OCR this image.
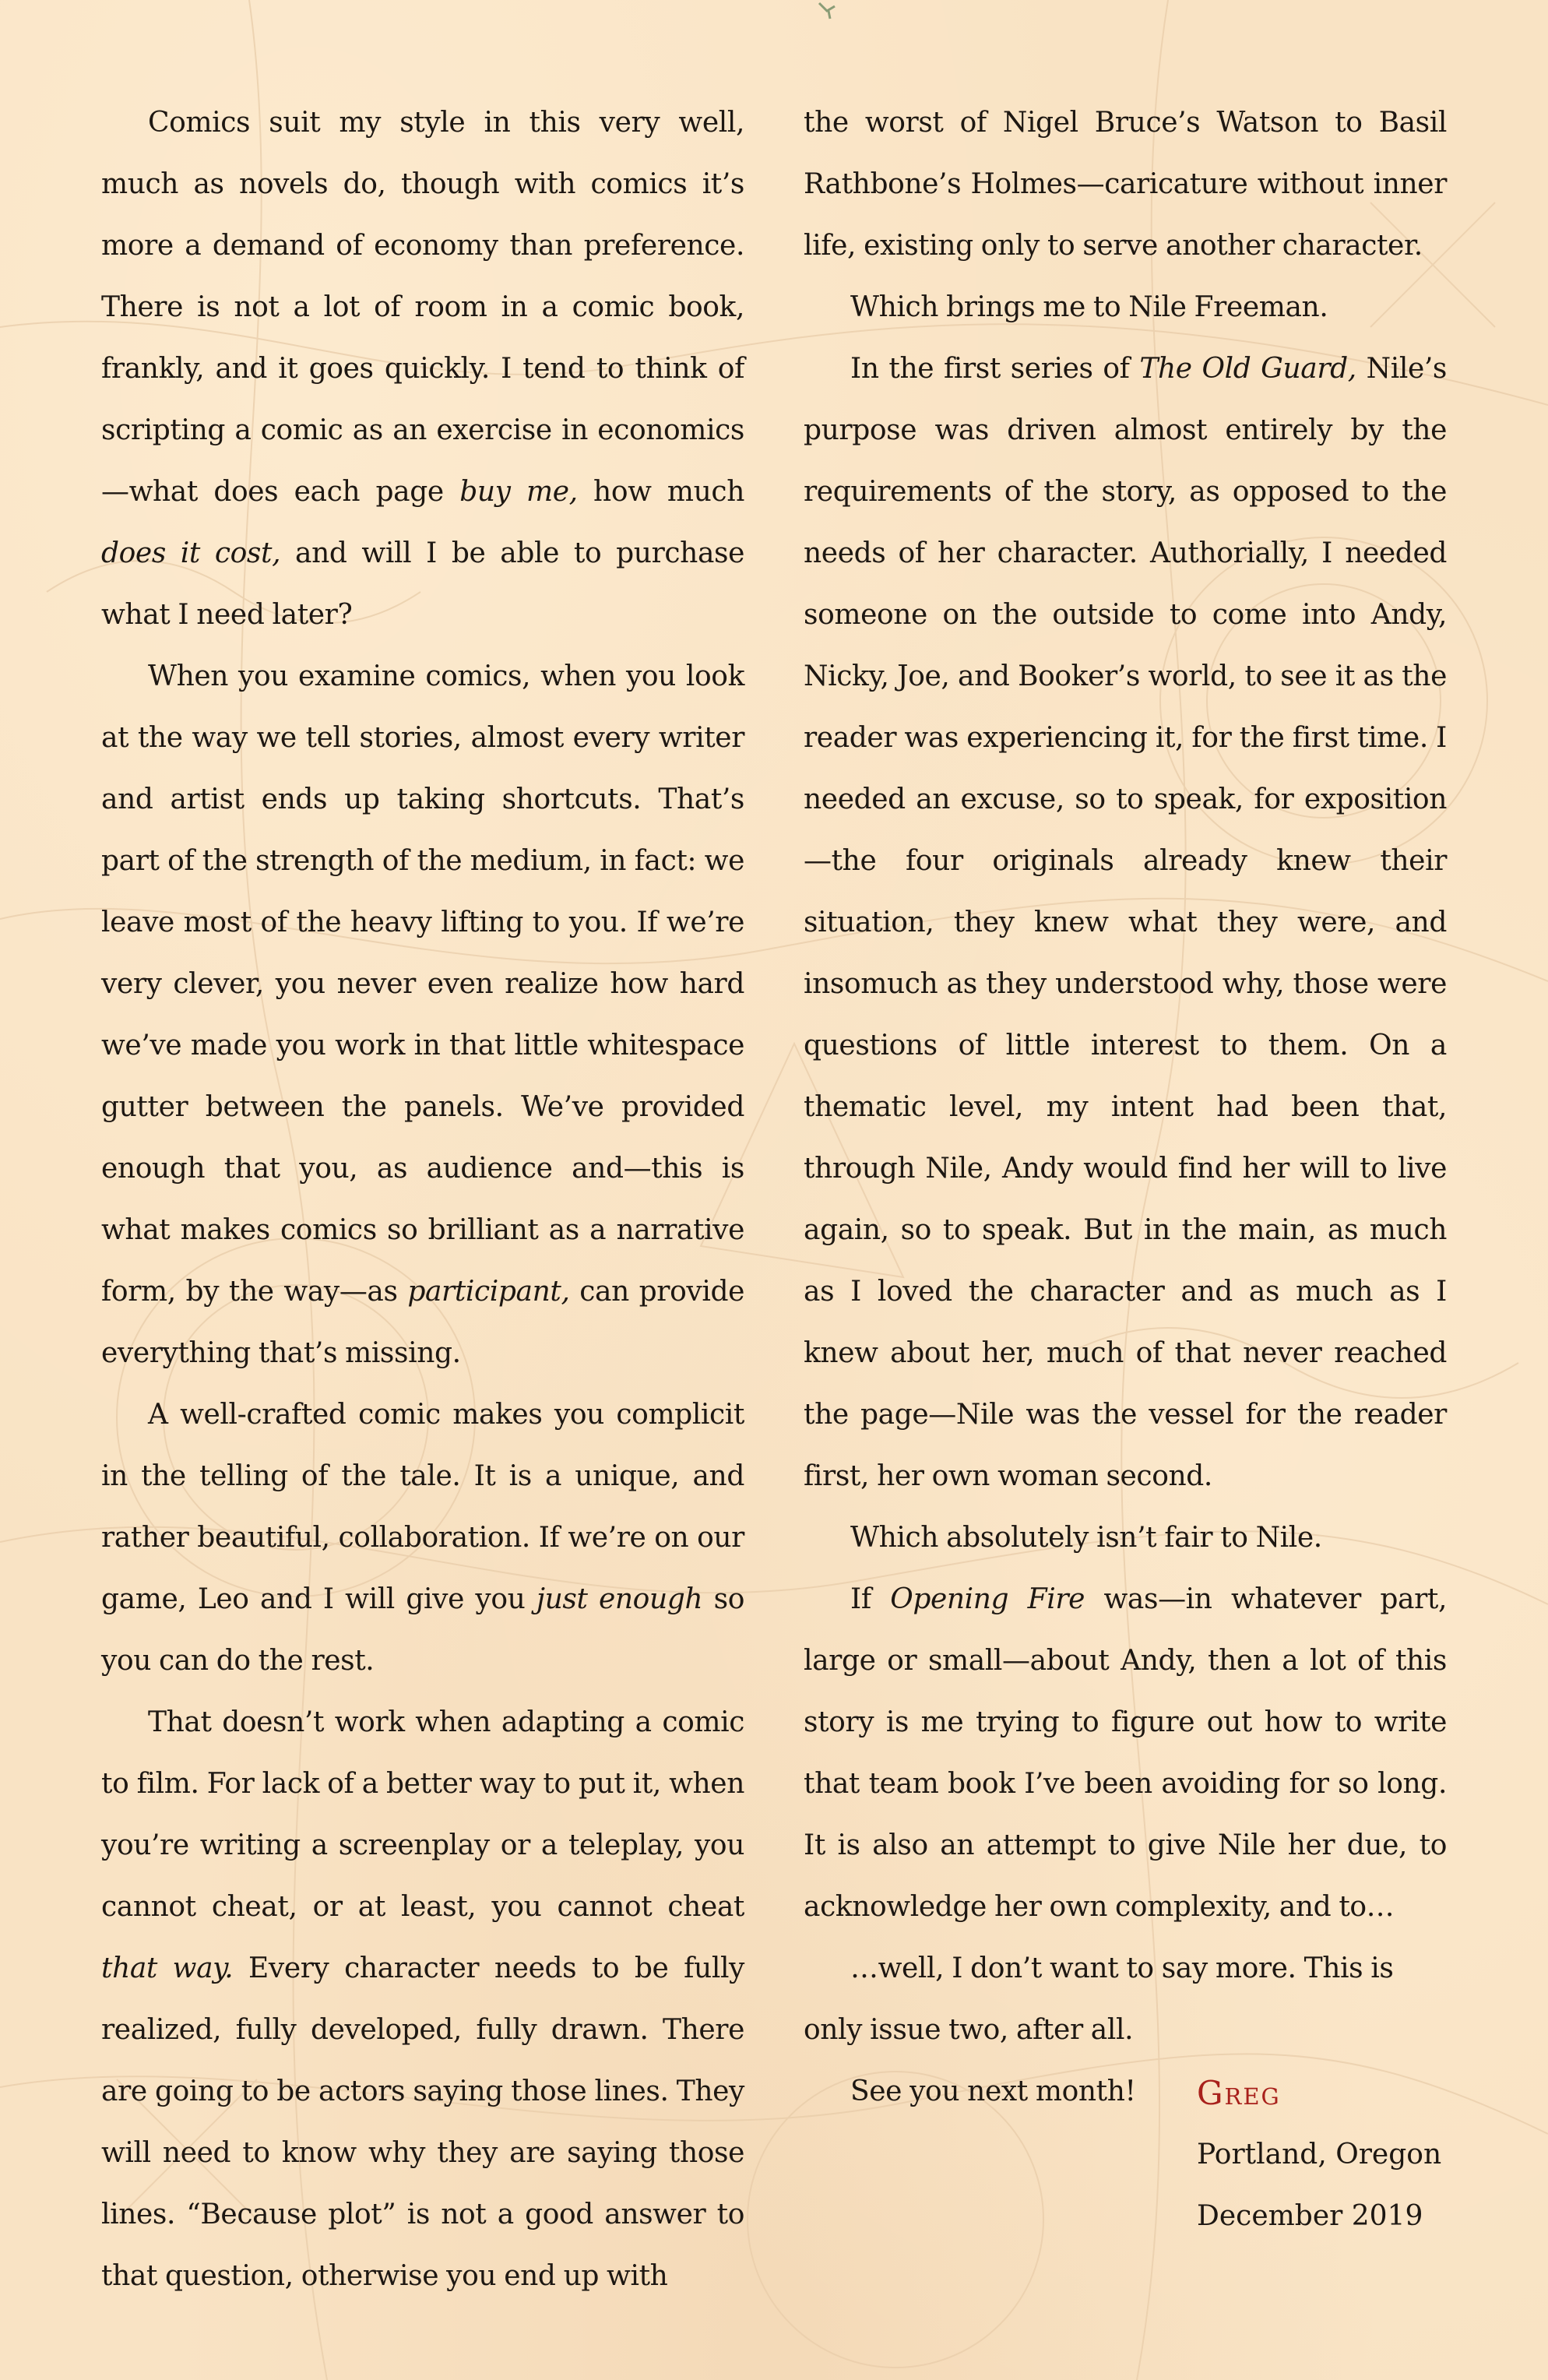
Comics suit my style in this very well, much as novels do, though with comics it’s more a demand of economy than preference. There is not a lot of room in a comic book, frankly, and it goes quickly. I tend to think of scripting a comic as an exercise in economics—what does each page buy me, how much does it cost, and will I be able to purchase what I need later?

When you examine comics, when you look at the way we tell stories, almost every writer and artist ends up taking shortcuts. That’s part of the strength of the medium, in fact: we leave most of the heavy lifting to you. If we’re very clever, you never even realize how hard we’ve made you work in that little whitespace gutter between the panels. We’ve provided enough that you, as audience and—this is what makes comics so brilliant as a narrative form, by the way—as participant, can provide everything that’s missing.

A well-crafted comic makes you complicit in the telling of the tale. It is a unique, and rather beautiful, collaboration. If we’re on our game, Leo and I will give you just enough so you can do the rest.

That doesn’t work when adapting a comic to film. For lack of a better way to put it, when you’re writing a screenplay or a teleplay, you cannot cheat, or at least, you cannot cheat that way. Every character needs to be fully realized, fully developed, fully drawn. There are going to be actors saying those lines. They will need to know why they are saying those lines. “Because plot” is not a good answer to that question, otherwise you end up with

the worst of Nigel Bruce’s Watson to Basil Rathbone’s Holmes—caricature without inner life, existing only to serve another character.

Which brings me to Nile Freeman.

In the first series of The Old Guard, Nile’s purpose was driven almost entirely by the requirements of the story, as opposed to the needs of her character. Authorially, I needed someone on the outside to come into Andy, Nicky, Joe, and Booker’s world, to see it as the reader was experiencing it, for the first time. I needed an excuse, so to speak, for exposition—the four originals already knew their situation, they knew what they were, and insomuch as they understood why, those were questions of little interest to them. On a thematic level, my intent had been that, through Nile, Andy would find her will to live again, so to speak. But in the main, as much as I loved the character and as much as I knew about her, much of that never reached the page—Nile was the vessel for the reader first, her own woman second.

Which absolutely isn’t fair to Nile.

If Opening Fire was—in whatever part, large or small—about Andy, then a lot of this story is me trying to figure out how to write that team book I’ve been avoiding for so long. It is also an attempt to give Nile her due, to acknowledge her own complexity, and to…

…well, I don’t want to say more. This is only issue two, after all.

See you next month!	Greg
Portland, Oregon
December 2019
